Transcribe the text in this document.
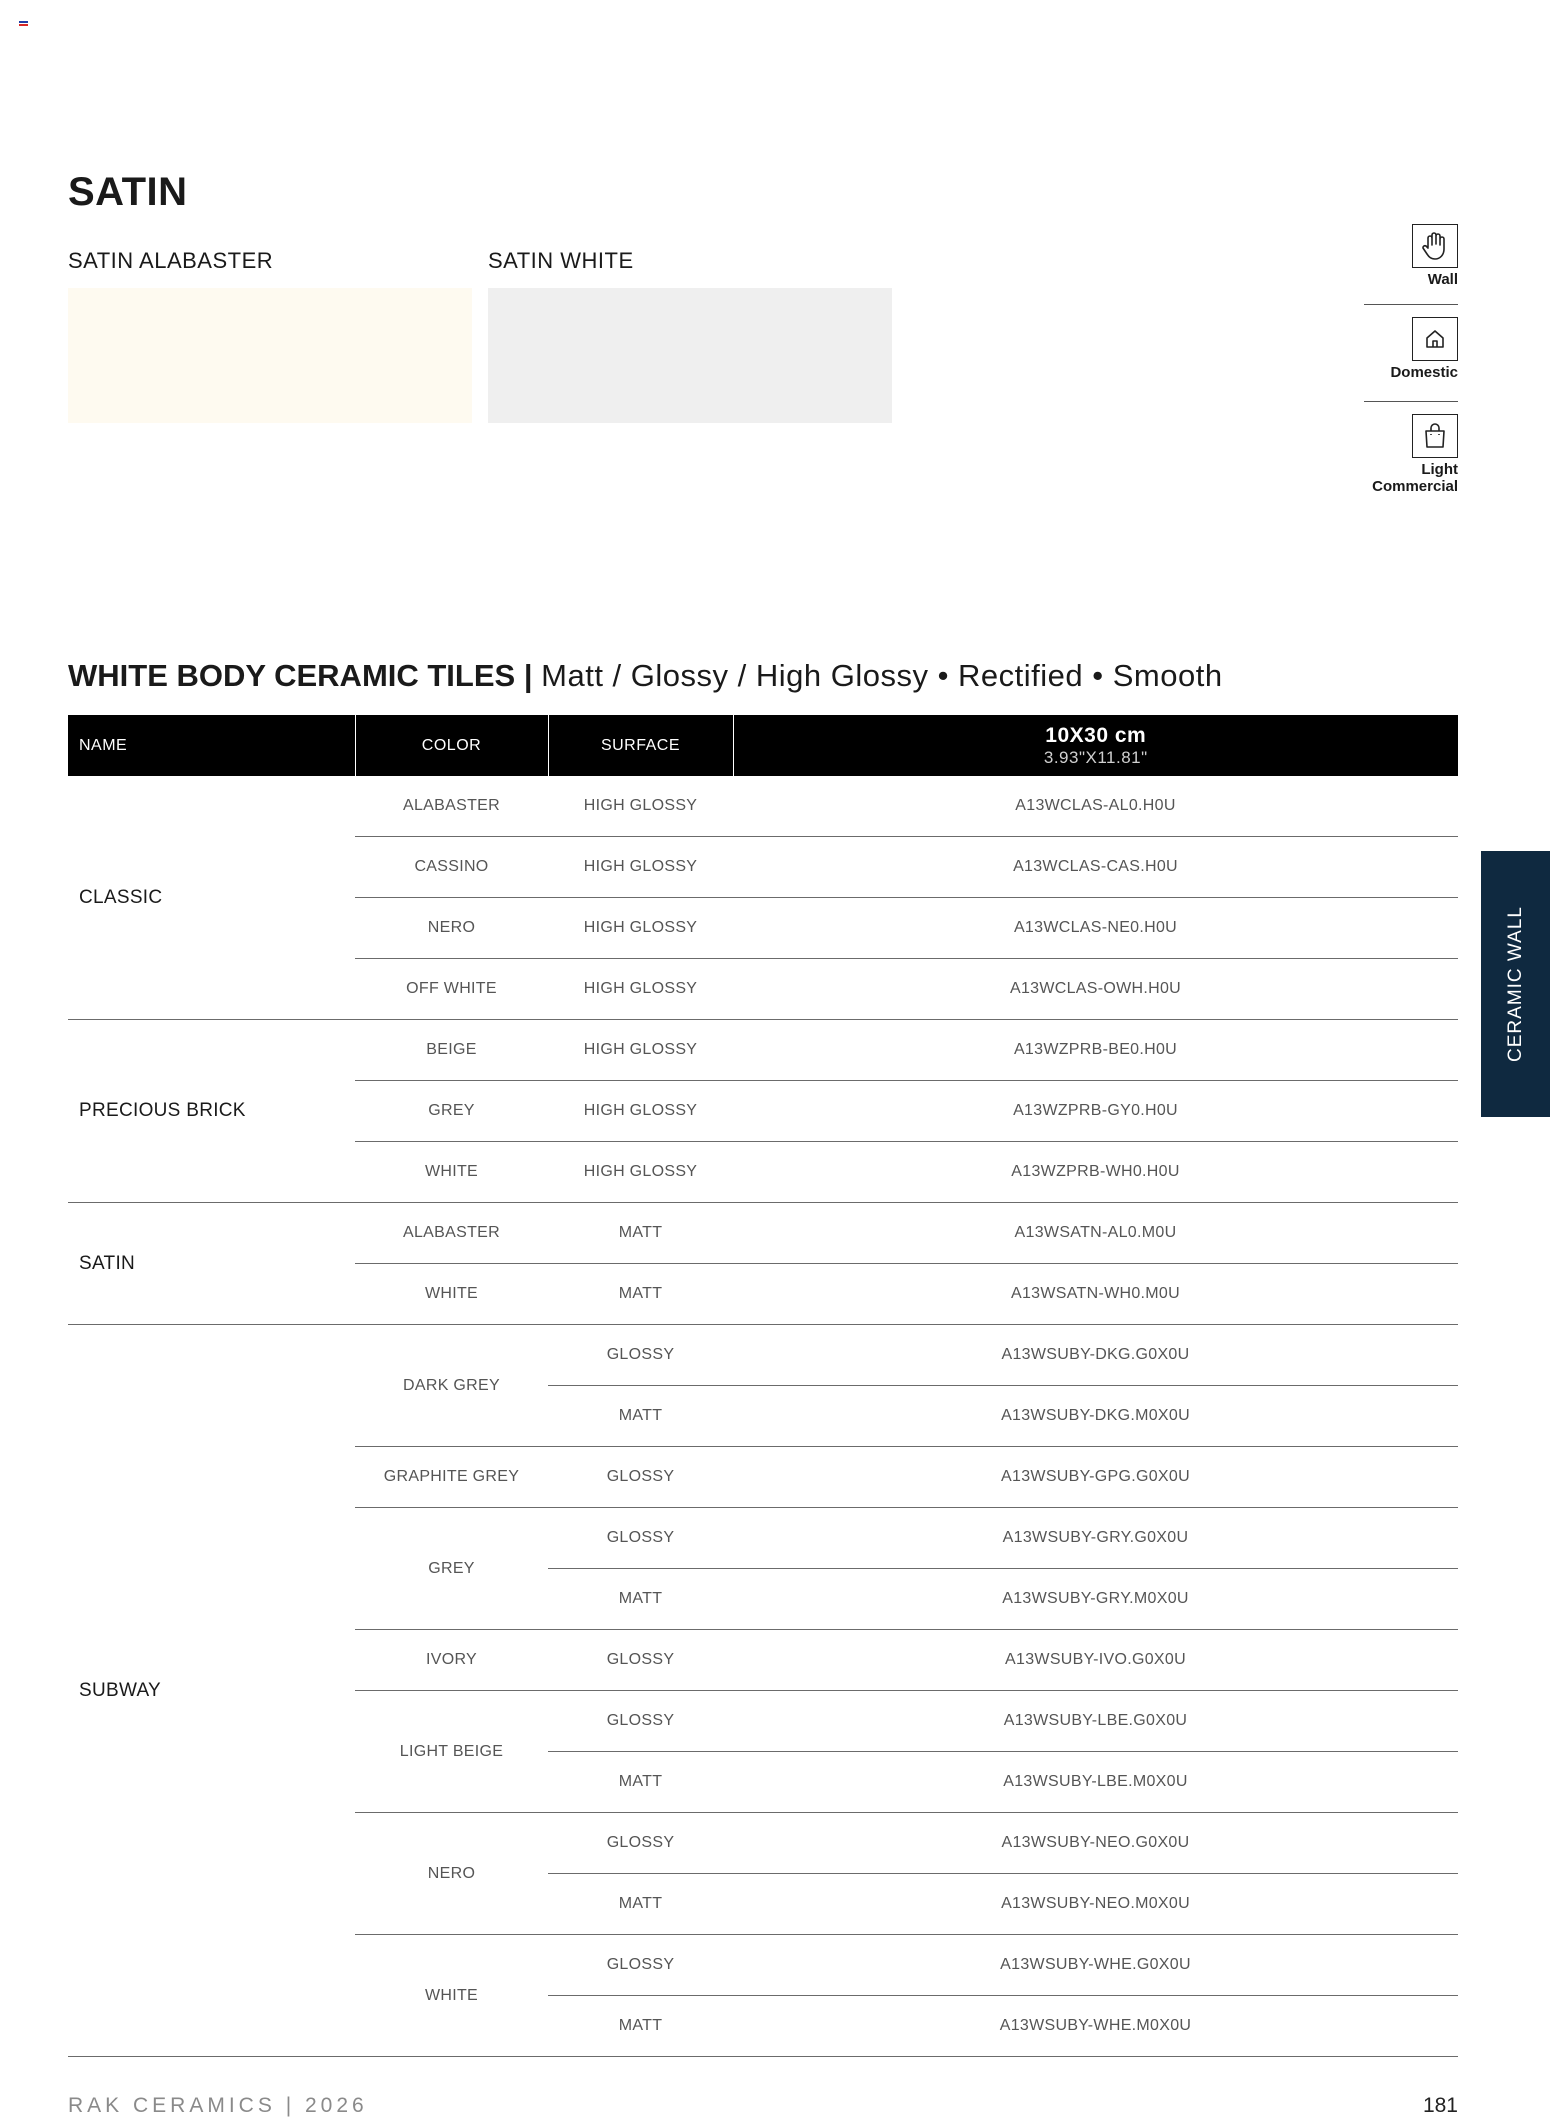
SATIN
SATIN ALABASTER	SATIN WHITE
Wall
Domestic
Light
Commercial
WHITE BODY CERAMIC TILES | Matt / Glossy / High Glossy • Rectified • Smooth
NAME	COLOR	SURFACE	10X30 cm
3.93"X11.81"

CLASSIC	ALABASTER	HIGH GLOSSY	A13WCLAS-AL0.H0U
	CASSINO	HIGH GLOSSY	A13WCLAS-CAS.H0U
	NERO	HIGH GLOSSY	A13WCLAS-NE0.H0U
	OFF WHITE	HIGH GLOSSY	A13WCLAS-OWH.H0U
PRECIOUS BRICK	BEIGE	HIGH GLOSSY	A13WZPRB-BE0.H0U
	GREY	HIGH GLOSSY	A13WZPRB-GY0.H0U
	WHITE	HIGH GLOSSY	A13WZPRB-WH0.H0U
SATIN	ALABASTER	MATT	A13WSATN-AL0.M0U
	WHITE	MATT	A13WSATN-WH0.M0U
SUBWAY	DARK GREY	GLOSSY	A13WSUBY-DKG.G0X0U
		MATT	A13WSUBY-DKG.M0X0U
	GRAPHITE GREY	GLOSSY	A13WSUBY-GPG.G0X0U
	GREY	GLOSSY	A13WSUBY-GRY.G0X0U
		MATT	A13WSUBY-GRY.M0X0U
	IVORY	GLOSSY	A13WSUBY-IVO.G0X0U
	LIGHT BEIGE	GLOSSY	A13WSUBY-LBE.G0X0U
		MATT	A13WSUBY-LBE.M0X0U
	NERO	GLOSSY	A13WSUBY-NEO.G0X0U
		MATT	A13WSUBY-NEO.M0X0U
	WHITE	GLOSSY	A13WSUBY-WHE.G0X0U
		MATT	A13WSUBY-WHE.M0X0U
CERAMIC WALL
RAK CERAMICS | 2026	181
